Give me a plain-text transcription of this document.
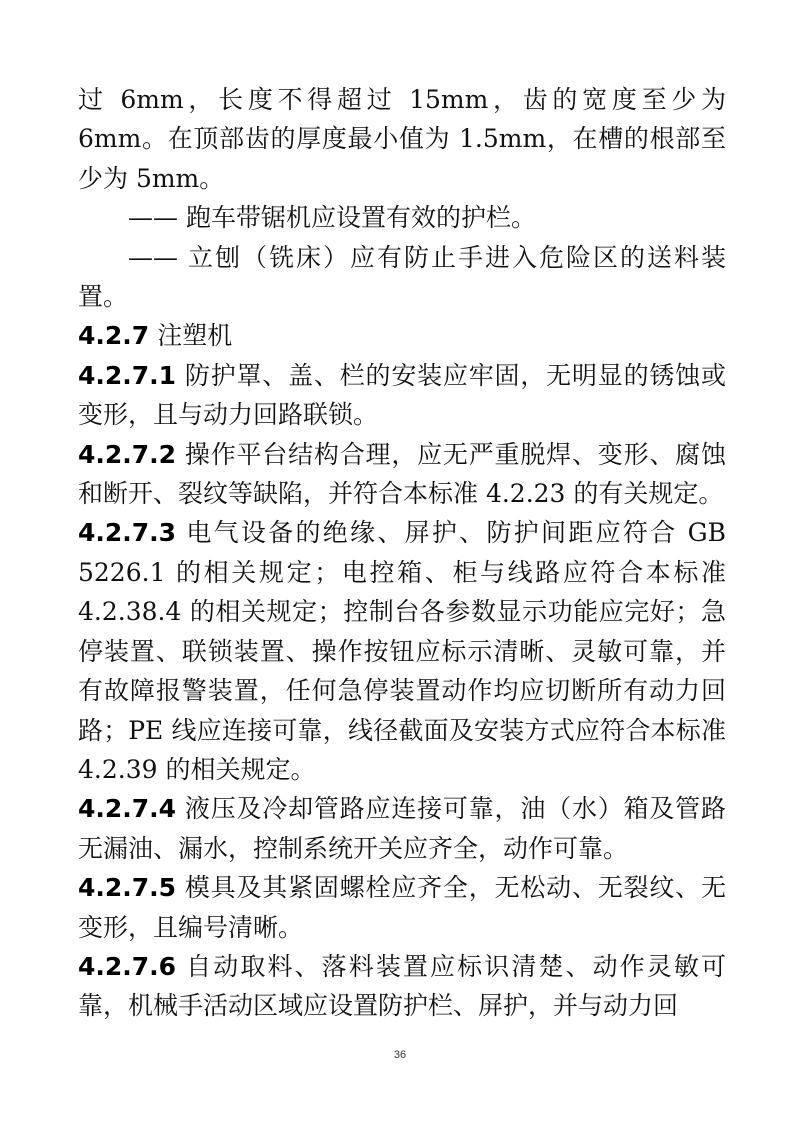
过 6mm，长度不得超过 15mm，齿的宽度至少为 6mm。在顶部齿的厚度最小值为 1.5mm，在槽的根部至少为 5mm。

—— 跑车带锯机应设置有效的护栏。

—— 立刨（铣床）应有防止手进入危险区的送料装置。

4.2.7 注塑机

4.2.7.1 防护罩、盖、栏的安装应牢固，无明显的锈蚀或变形，且与动力回路联锁。

4.2.7.2 操作平台结构合理，应无严重脱焊、变形、腐蚀和断开、裂纹等缺陷，并符合本标准 4.2.23 的有关规定。

4.2.7.3 电气设备的绝缘、屏护、防护间距应符合 GB 5226.1 的相关规定；电控箱、柜与线路应符合本标准 4.2.38.4 的相关规定；控制台各参数显示功能应完好；急停装置、联锁装置、操作按钮应标示清晰、灵敏可靠，并有故障报警装置，任何急停装置动作均应切断所有动力回路；PE 线应连接可靠，线径截面及安装方式应符合本标准 4.2.39 的相关规定。

4.2.7.4 液压及冷却管路应连接可靠，油（水）箱及管路无漏油、漏水，控制系统开关应齐全，动作可靠。

4.2.7.5 模具及其紧固螺栓应齐全，无松动、无裂纹、无变形，且编号清晰。

4.2.7.6 自动取料、落料装置应标识清楚、动作灵敏可靠，机械手活动区域应设置防护栏、屏护，并与动力回

36
